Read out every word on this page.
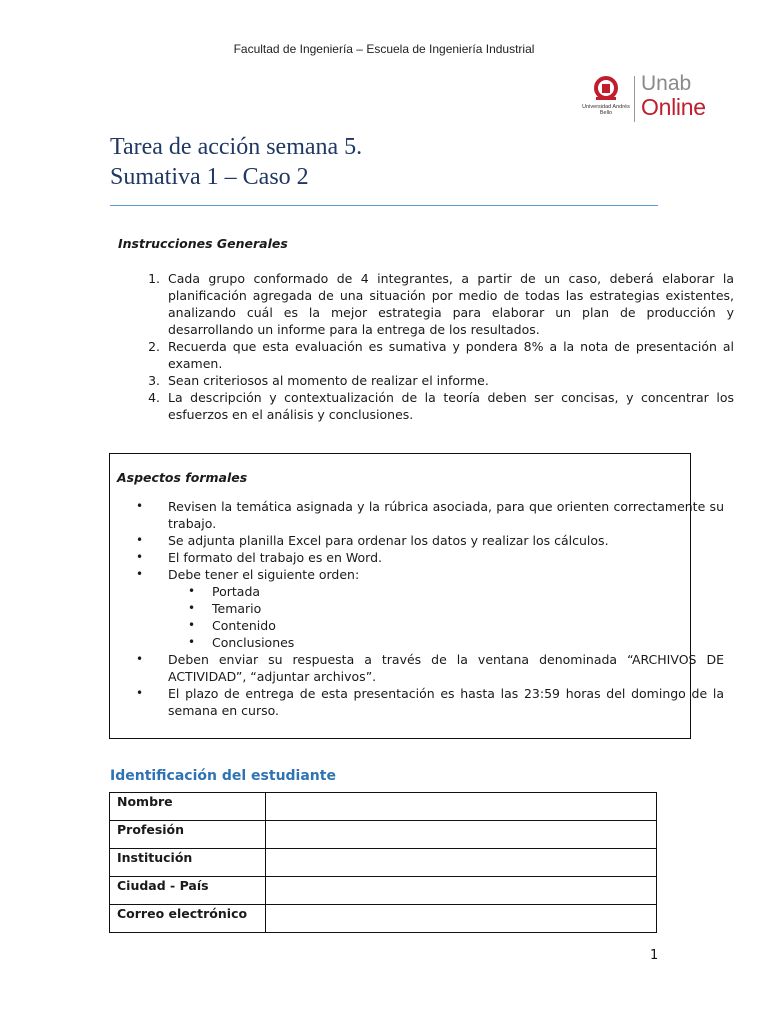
Facultad de Ingeniería – Escuela de Ingeniería Industrial
Universidad Andrés Bello
Unab
Online
Tarea de acción semana 5.
Sumativa 1 – Caso 2
Instrucciones Generales
1. Cada grupo conformado de 4 integrantes, a partir de un caso, deberá elaborar la planificación agregada de una situación por medio de todas las estrategias existentes, analizando cuál es la mejor estrategia para elaborar un plan de producción y desarrollando un informe para la entrega de los resultados.
2. Recuerda que esta evaluación es sumativa y pondera 8% a la nota de presentación al examen.
3. Sean criteriosos al momento de realizar el informe.
4. La descripción y contextualización de la teoría deben ser concisas, y concentrar los esfuerzos en el análisis y conclusiones.
Aspectos formales
• Revisen la temática asignada y la rúbrica asociada, para que orienten correctamente su trabajo.
• Se adjunta planilla Excel para ordenar los datos y realizar los cálculos.
• El formato del trabajo es en Word.
• Debe tener el siguiente orden:
• Portada
• Temario
• Contenido
• Conclusiones
• Deben enviar su respuesta a través de la ventana denominada “ARCHIVOS DE ACTIVIDAD”, “adjuntar archivos”.
• El plazo de entrega de esta presentación es hasta las 23:59 horas del domingo de la semana en curso.
Identificación del estudiante
Nombre	
Profesión	
Institución	
Ciudad - País	
Correo electrónico	
1
